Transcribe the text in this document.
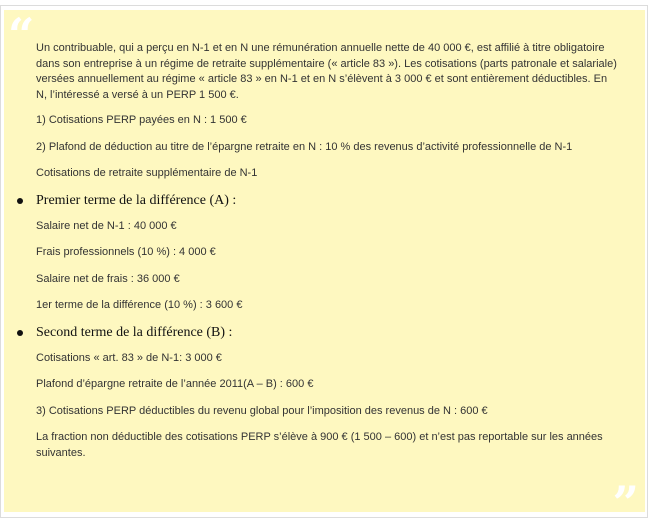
“ Un contribuable, qui a perçu en N-1 et en N une rémunération annuelle nette de 40 000 €, est affilié à titre obligatoire dans son entreprise à un régime de retraite supplémentaire (« article 83 »). Les cotisations (parts patronale et salariale) versées annuellement au régime « article 83 » en N-1 et en N s’élèvent à 3 000 € et sont entièrement déductibles. En N, l’intéressé a versé à un PERP 1 500 €.

1) Cotisations PERP payées en N : 1 500 €

2) Plafond de déduction au titre de l’épargne retraite en N : 10 % des revenus d’activité professionnelle de N-1

Cotisations de retraite supplémentaire de N-1

Premier terme de la différence (A) :

Salaire net de N-1 : 40 000 €

Frais professionnels (10 %) : 4 000 €

Salaire net de frais : 36 000 €

1er terme de la différence (10 %) : 3 600 €

Second terme de la différence (B) :

Cotisations « art. 83 » de N-1: 3 000 €

Plafond d’épargne retraite de l’année 2011(A – B) : 600 €

3) Cotisations PERP déductibles du revenu global pour l’imposition des revenus de N : 600 €

La fraction non déductible des cotisations PERP s’élève à 900 € (1 500 – 600) et n’est pas reportable sur les années suivantes.

”
